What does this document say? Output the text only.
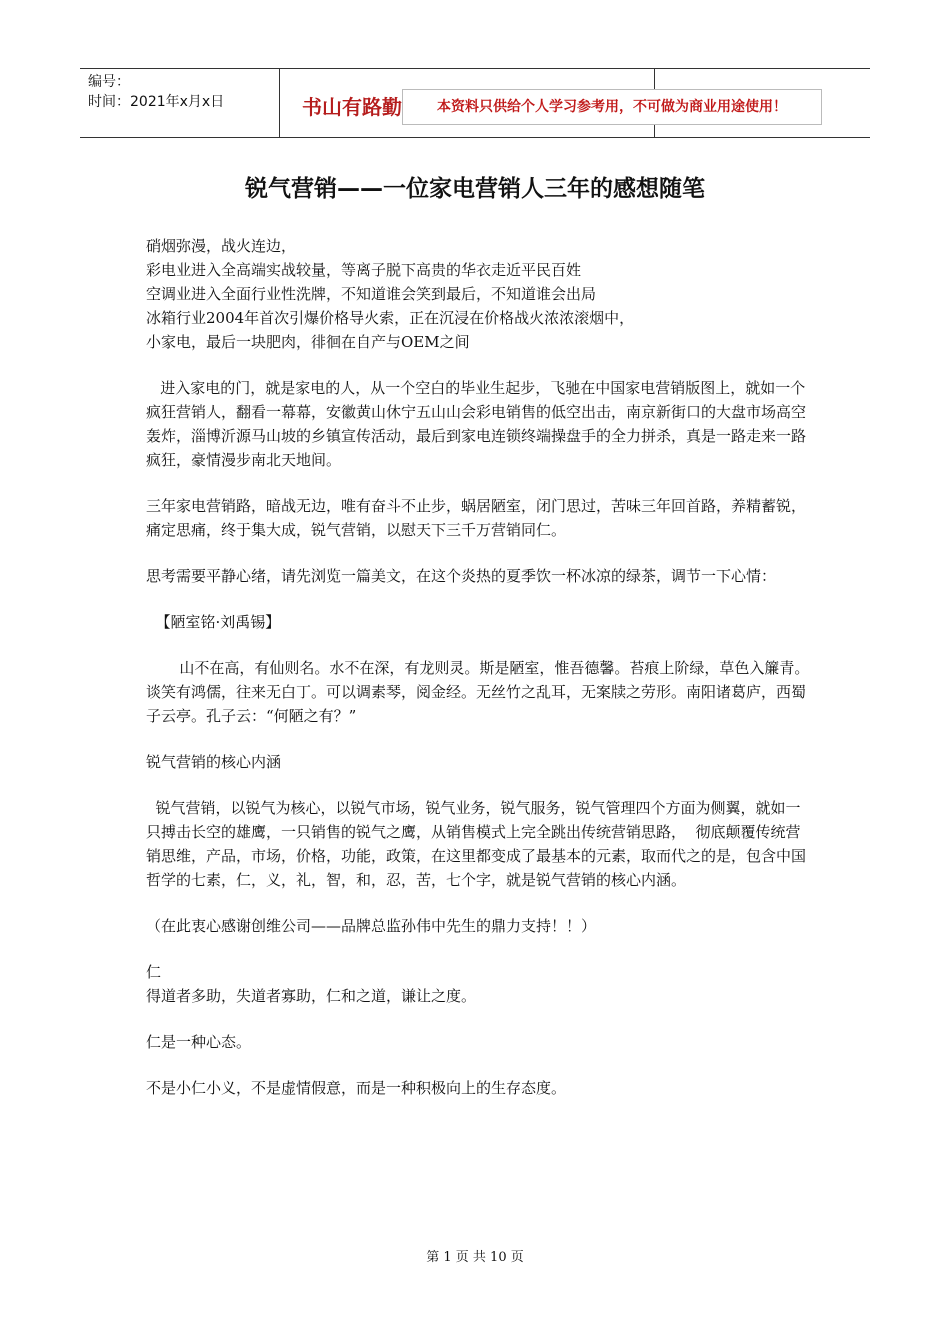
编号：
时间：2021年x月x日	书山有路勤	本资料只供给个人学习参考用，不可做为商业用途使用！
锐气营销——一位家电营销人三年的感想随笔

硝烟弥漫，战火连边，

彩电业进入全高端实战较量，等离子脱下高贵的华衣走近平民百姓

空调业进入全面行业性洗牌，不知道谁会笑到最后，不知道谁会出局

冰箱行业2004年首次引爆价格导火索，正在沉浸在价格战火浓浓滚烟中，

小家电，最后一块肥肉，徘徊在自产与OEM之间

进入家电的门，就是家电的人，从一个空白的毕业生起步，飞驰在中国家电营销版图上，就如一个疯狂营销人，翻看一幕幕，安徽黄山休宁五山山会彩电销售的低空出击，南京新街口的大盘市场高空轰炸，淄博沂源马山坡的乡镇宣传活动，最后到家电连锁终端操盘手的全力拼杀，真是一路走来一路疯狂，豪情漫步南北天地间。

三年家电营销路，暗战无边，唯有奋斗不止步，蜗居陋室，闭门思过，苦味三年回首路，养精蓄锐，痛定思痛，终于集大成，锐气营销，以慰天下三千万营销同仁。

思考需要平静心绪，请先浏览一篇美文，在这个炎热的夏季饮一杯冰凉的绿茶，调节一下心情：

【陋室铭·刘禹锡】

山不在高，有仙则名。水不在深，有龙则灵。斯是陋室，惟吾德馨。苔痕上阶绿，草色入簾青。谈笑有鸿儒，往来无白丁。可以调素琴，阅金经。无丝竹之乱耳，无案牍之劳形。南阳诸葛庐，西蜀子云亭。孔子云：“何陋之有？”

锐气营销的核心内涵

锐气营销，以锐气为核心，以锐气市场，锐气业务，锐气服务，锐气管理四个方面为侧翼，就如一只搏击长空的雄鹰，一只销售的锐气之鹰，从销售模式上完全跳出传统营销思路，  彻底颠覆传统营销思维，产品，市场，价格，功能，政策，在这里都变成了最基本的元素，取而代之的是，包含中国哲学的七素，仁，义，礼，智，和，忍，苦，七个字，就是锐气营销的核心内涵。

（在此衷心感谢创维公司——品牌总监孙伟中先生的鼎力支持！！）

仁

得道者多助，失道者寡助，仁和之道，谦让之度。

仁是一种心态。

不是小仁小义，不是虚情假意，而是一种积极向上的生存态度。

第 1 页 共 10 页
